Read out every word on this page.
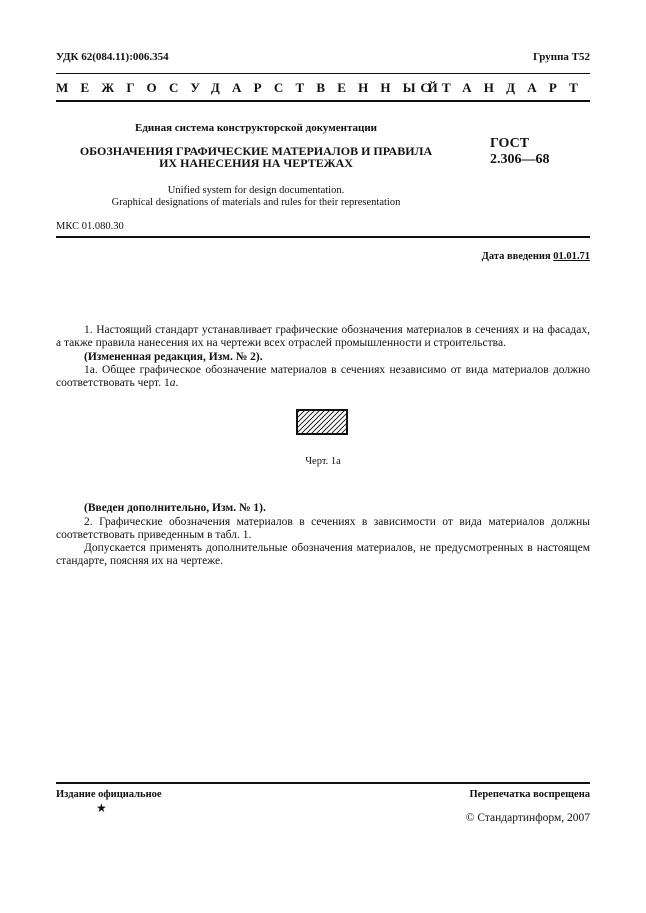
УДК 62(084.11):006.354	Группа Т52
МЕЖГОСУДАРСТВЕННЫЙ
СТАНДАРТ
Единая система конструкторской документации
ОБОЗНАЧЕНИЯ ГРАФИЧЕСКИЕ МАТЕРИАЛОВ И ПРАВИЛА
ИХ НАНЕСЕНИЯ НА ЧЕРТЕЖАХ
ГОСТ
2.306—68
Unified system for design documentation.
Graphical designations of materials and rules for their representation
МКС 01.080.30
Дата введения 01.01.71
1. Настоящий стандарт устанавливает графические обозначения материалов в сечениях и на фасадах, а также правила нанесения их на чертежи всех отраслей промышленности и строительства.
(Измененная редакция, Изм. № 2).
1а. Общее графическое обозначение материалов в сечениях независимо от вида материалов должно соответствовать черт. 1а.
Черт. 1а
(Введен дополнительно, Изм. № 1).
2. Графические обозначения материалов в сечениях в зависимости от вида материалов должны соответствовать приведенным в табл. 1.
Допускается применять дополнительные обозначения материалов, не предусмотренных в настоящем стандарте, поясняя их на чертеже.
Издание официальное	Перепечатка воспрещена
★
© Стандартинформ, 2007
